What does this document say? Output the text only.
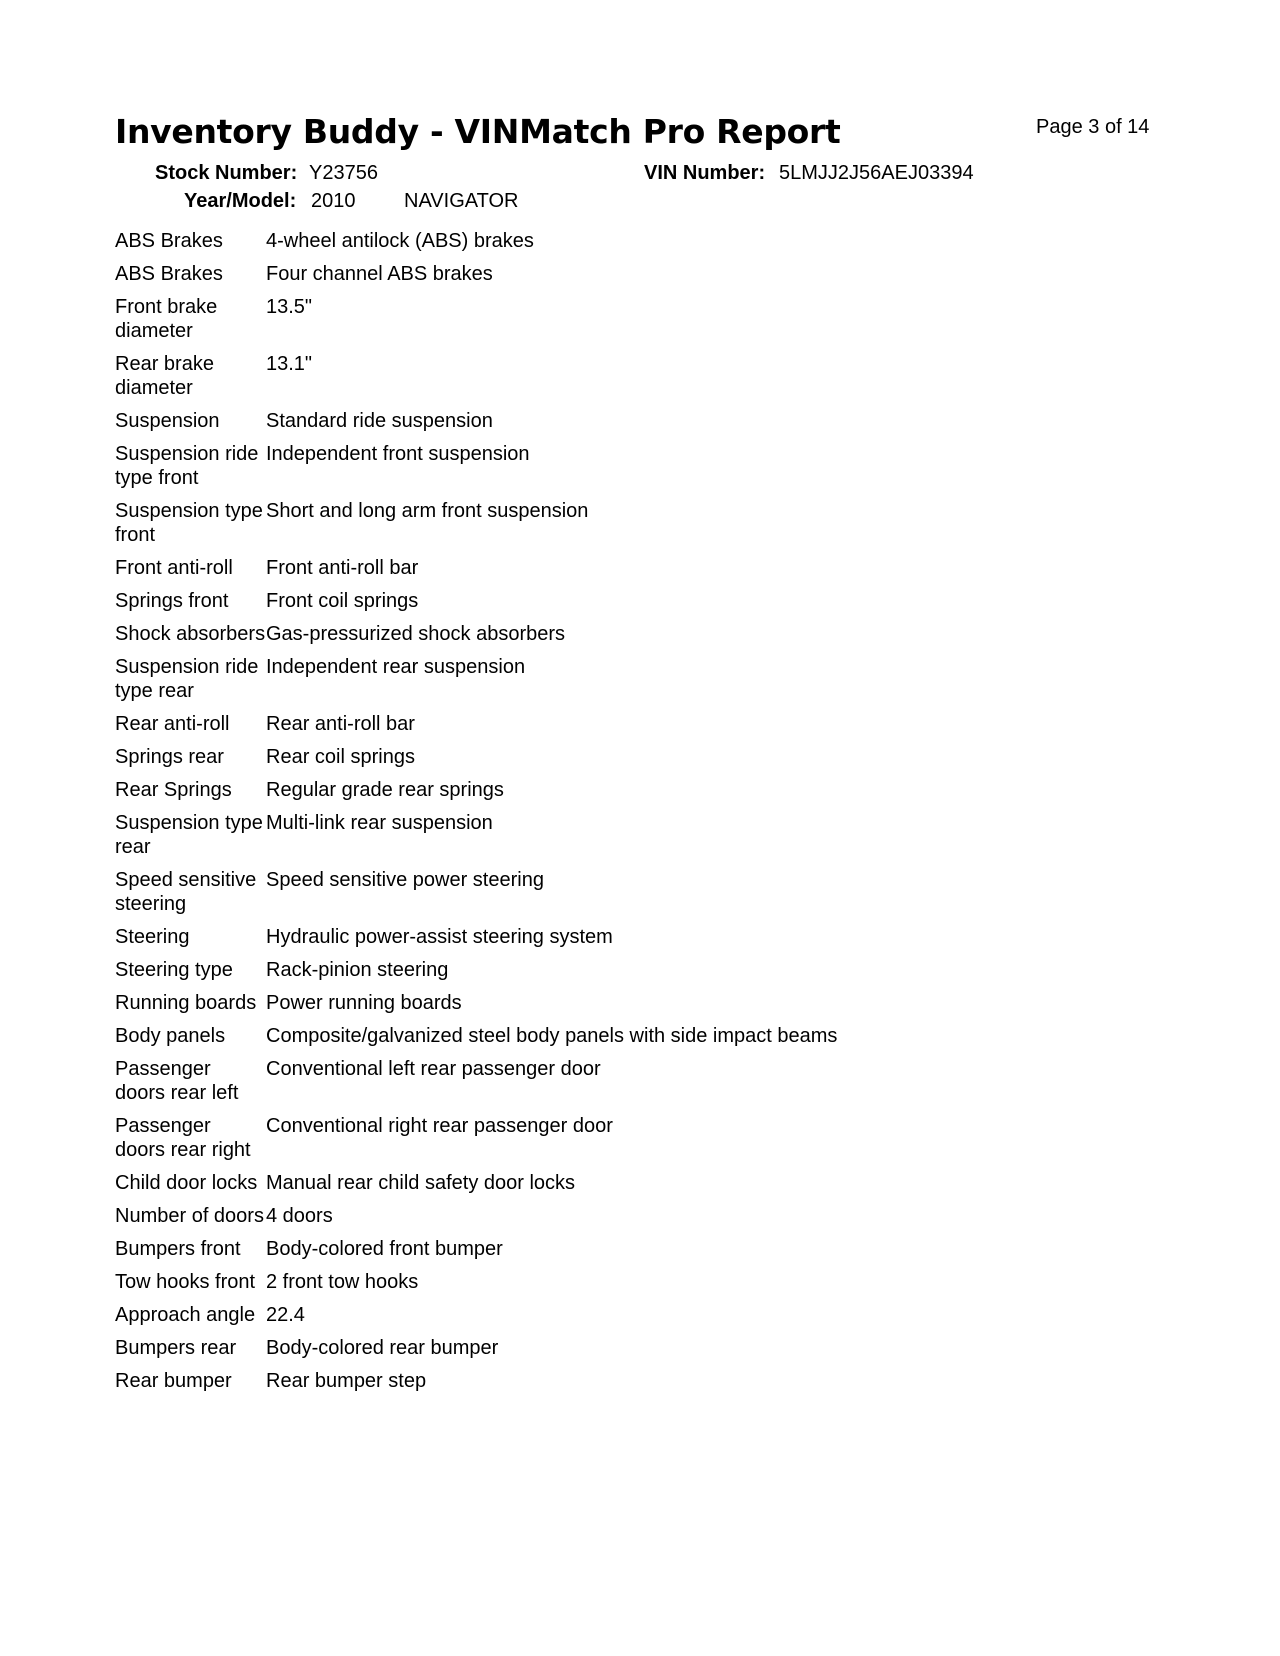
Inventory Buddy - VINMatch Pro Report	Page 3 of 14
Stock Number: Y23756	VIN Number: 5LMJJ2J56AEJ03394
Year/Model: 2010 NAVIGATOR
ABS Brakes	4-wheel antilock (ABS) brakes
ABS Brakes	Four channel ABS brakes
Front brake diameter	13.5"
Rear brake diameter	13.1"
Suspension	Standard ride suspension
Suspension ride type front	Independent front suspension
Suspension type front	Short and long arm front suspension
Front anti-roll	Front anti-roll bar
Springs front	Front coil springs
Shock absorbers	Gas-pressurized shock absorbers
Suspension ride type rear	Independent rear suspension
Rear anti-roll	Rear anti-roll bar
Springs rear	Rear coil springs
Rear Springs	Regular grade rear springs
Suspension type rear	Multi-link rear suspension
Speed sensitive steering	Speed sensitive power steering
Steering	Hydraulic power-assist steering system
Steering type	Rack-pinion steering
Running boards	Power running boards
Body panels	Composite/galvanized steel body panels with side impact beams
Passenger doors rear left	Conventional left rear passenger door
Passenger doors rear right	Conventional right rear passenger door
Child door locks	Manual rear child safety door locks
Number of doors	4 doors
Bumpers front	Body-colored front bumper
Tow hooks front	2 front tow hooks
Approach angle	22.4
Bumpers rear	Body-colored rear bumper
Rear bumper	Rear bumper step
